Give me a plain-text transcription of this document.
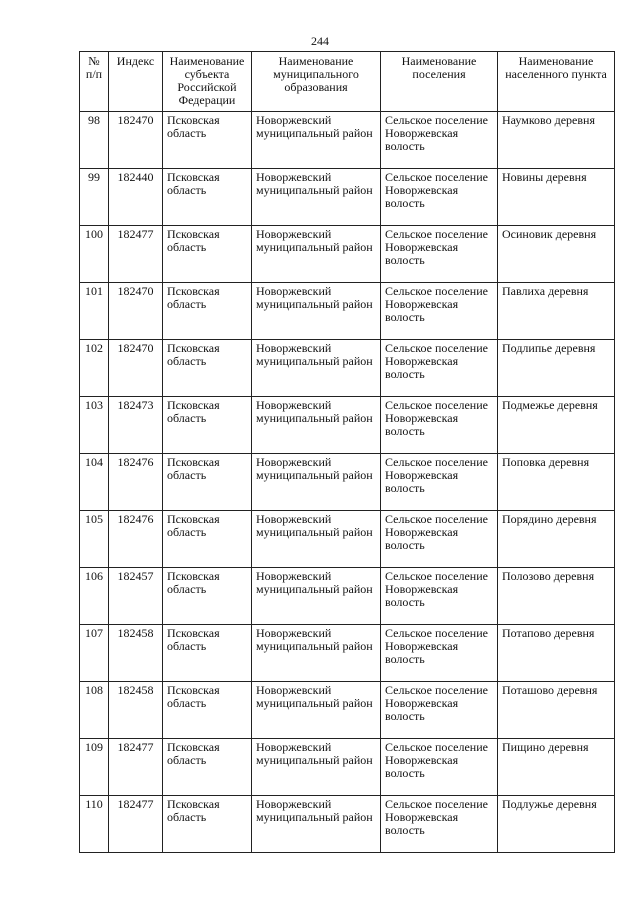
244
№ п/п	Индекс	Наименование субъекта Российской Федерации	Наименование муниципального образования	Наименование поселения	Наименование населенного пункта
98	182470	Псковская область	Новоржевский муниципальный район	Сельское поселение Новоржевская волость	Наумково деревня
99	182440	Псковская область	Новоржевский муниципальный район	Сельское поселение Новоржевская волость	Новины деревня
100	182477	Псковская область	Новоржевский муниципальный район	Сельское поселение Новоржевская волость	Осиновик деревня
101	182470	Псковская область	Новоржевский муниципальный район	Сельское поселение Новоржевская волость	Павлиха деревня
102	182470	Псковская область	Новоржевский муниципальный район	Сельское поселение Новоржевская волость	Подлипье деревня
103	182473	Псковская область	Новоржевский муниципальный район	Сельское поселение Новоржевская волость	Подмежье деревня
104	182476	Псковская область	Новоржевский муниципальный район	Сельское поселение Новоржевская волость	Поповка деревня
105	182476	Псковская область	Новоржевский муниципальный район	Сельское поселение Новоржевская волость	Порядино деревня
106	182457	Псковская область	Новоржевский муниципальный район	Сельское поселение Новоржевская волость	Полозово деревня
107	182458	Псковская область	Новоржевский муниципальный район	Сельское поселение Новоржевская волость	Потапово деревня
108	182458	Псковская область	Новоржевский муниципальный район	Сельское поселение Новоржевская волость	Поташово деревня
109	182477	Псковская область	Новоржевский муниципальный район	Сельское поселение Новоржевская волость	Пищино деревня
110	182477	Псковская область	Новоржевский муниципальный район	Сельское поселение Новоржевская волость	Подлужье деревня
